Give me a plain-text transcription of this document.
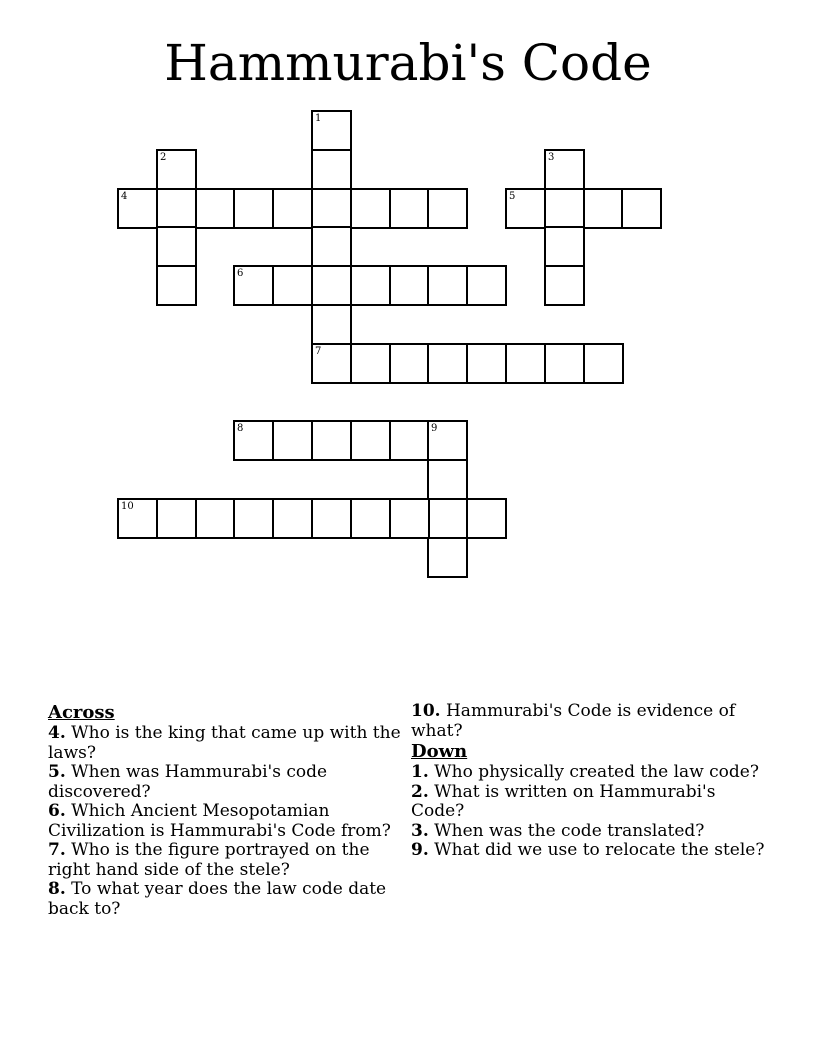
Hammurabi's Code
1
7
2	3
4	5
6
8	9
10
Across
4. Who is the king that came up with the laws?
5. When was Hammurabi's code discovered?
6. Which Ancient Mesopotamian Civilization is Hammurabi's Code from?
7. Who is the figure portrayed on the right hand side of the stele?
8. To what year does the law code date back to?
10. Hammurabi's Code is evidence of what?
Down
1. Who physically created the law code?
2. What is written on Hammurabi's Code?
3. When was the code translated?
9. What did we use to relocate the stele?
